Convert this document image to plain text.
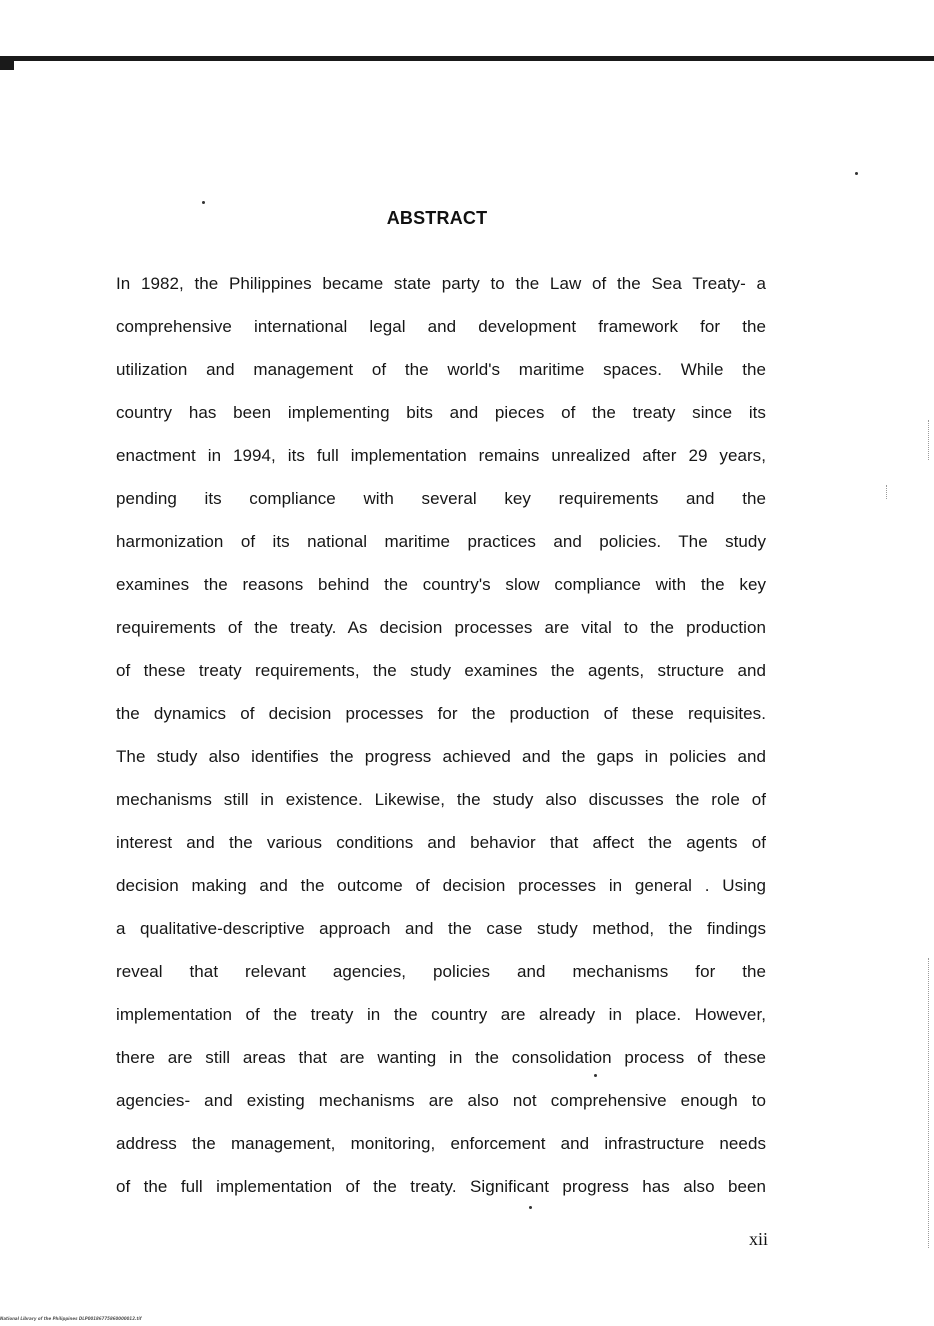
ABSTRACT
In 1982, the Philippines became state party to the Law of the Sea Treaty- a
comprehensive international legal and development framework for the
utilization and management of the world's maritime spaces. While the
country has been implementing bits and pieces of the treaty since its
enactment in 1994, its full implementation remains unrealized after 29 years,
pending its compliance with several key requirements and the
harmonization of its national maritime practices and policies. The study
examines the reasons behind the country's slow compliance with the key
requirements of the treaty. As decision processes are vital to the production
of these treaty requirements, the study examines the agents, structure and
the dynamics of decision processes for the production of these requisites.
The study also identifies the progress achieved and the gaps in policies and
mechanisms still in existence. Likewise, the study also discusses the role of
interest and the various conditions and behavior that affect the agents of
decision making and the outcome of decision processes in general . Using
a qualitative-descriptive approach and the case study method, the findings
reveal that relevant agencies, policies and mechanisms for the
implementation of the treaty in the country are already in place. However,
there are still areas that are wanting in the consolidation process of these
agencies- and existing mechanisms are also not comprehensive enough to
address the management, monitoring, enforcement and infrastructure needs
of the full implementation of the treaty. Significant progress has also been
xii
National Library of the Philippines DLP00186775860000012.tif
